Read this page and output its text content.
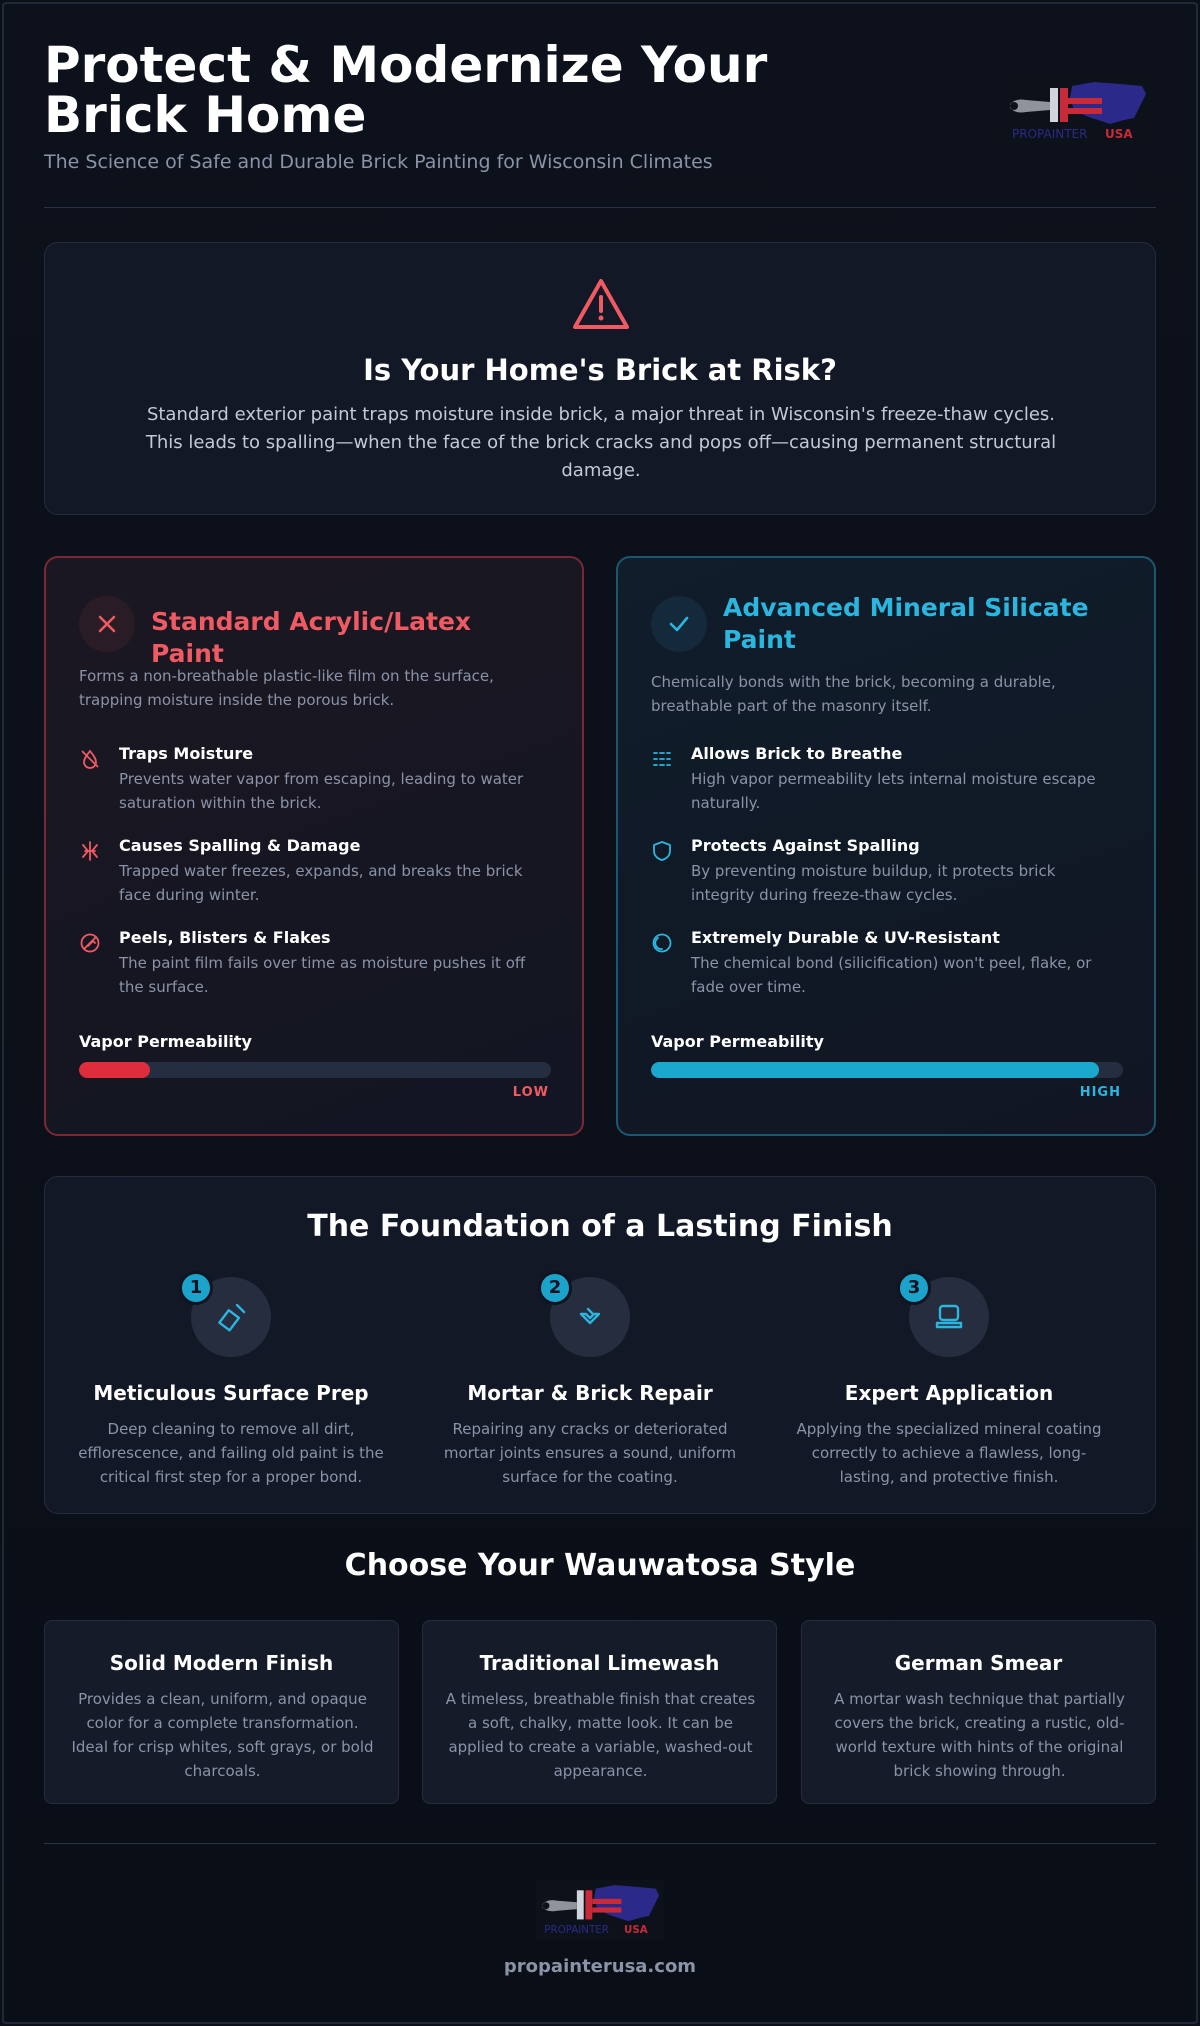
Protect & Modernize Your Brick Home
The Science of Safe and Durable Brick Painting for Wisconsin Climates
PROPAINTER USA
Is Your Home's Brick at Risk?

Standard exterior paint traps moisture inside brick, a major threat in Wisconsin's freeze-thaw cycles. This leads to spalling—when the face of the brick cracks and pops off—causing permanent structural damage.

Standard Acrylic/Latex Paint
Forms a non-breathable plastic-like film on the surface, trapping moisture inside the porous brick.
Traps Moisture
Prevents water vapor from escaping, leading to water saturation within the brick.
Causes Spalling & Damage
Trapped water freezes, expands, and breaks the brick face during winter.
Peels, Blisters & Flakes
The paint film fails over time as moisture pushes it off the surface.
Vapor Permeability
LOW
Advanced Mineral Silicate Paint
Chemically bonds with the brick, becoming a durable, breathable part of the masonry itself.
Allows Brick to Breathe
High vapor permeability lets internal moisture escape naturally.
Protects Against Spalling
By preventing moisture buildup, it protects brick integrity during freeze-thaw cycles.
Extremely Durable & UV-Resistant
The chemical bond (silicification) won't peel, flake, or fade over time.
Vapor Permeability
HIGH
The Foundation of a Lasting Finish
1
Meticulous Surface Prep
Deep cleaning to remove all dirt, efflorescence, and failing old paint is the critical first step for a proper bond.
2
Mortar & Brick Repair
Repairing any cracks or deteriorated mortar joints ensures a sound, uniform surface for the coating.
3
Expert Application
Applying the specialized mineral coating correctly to achieve a flawless, long-lasting, and protective finish.
Choose Your Wauwatosa Style
Solid Modern Finish
Provides a clean, uniform, and opaque color for a complete transformation. Ideal for crisp whites, soft grays, or bold charcoals.
Traditional Limewash
A timeless, breathable finish that creates a soft, chalky, matte look. It can be applied to create a variable, washed-out appearance.
German Smear
A mortar wash technique that partially covers the brick, creating a rustic, old-world texture with hints of the original brick showing through.
PROPAINTER USA
propainterusa.com
